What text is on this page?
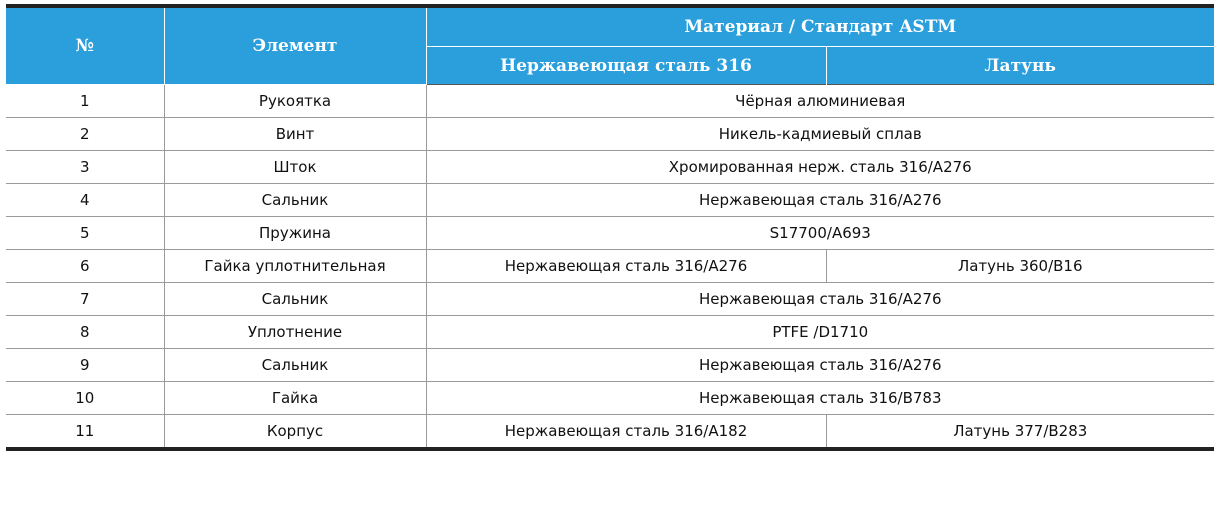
№	Элемент	Материал / Стандарт ASTM	
		Нержавеющая сталь 316	Латунь
1	Рукоятка	Чёрная алюминиевая	
2	Винт	Никель-кадмиевый сплав	
3	Шток	Хромированная нерж. сталь 316/A276	
4	Сальник	Нержавеющая сталь 316/A276	
5	Пружина	S17700/A693	
6	Гайка уплотнительная	Нержавеющая сталь 316/A276	Латунь 360/B16
7	Сальник	Нержавеющая сталь 316/A276	
8	Уплотнение	PTFE /D1710	
9	Сальник	Нержавеющая сталь 316/A276	
10	Гайка	Нержавеющая сталь 316/B783	
11	Корпус	Нержавеющая сталь 316/A182	Латунь 377/B283
